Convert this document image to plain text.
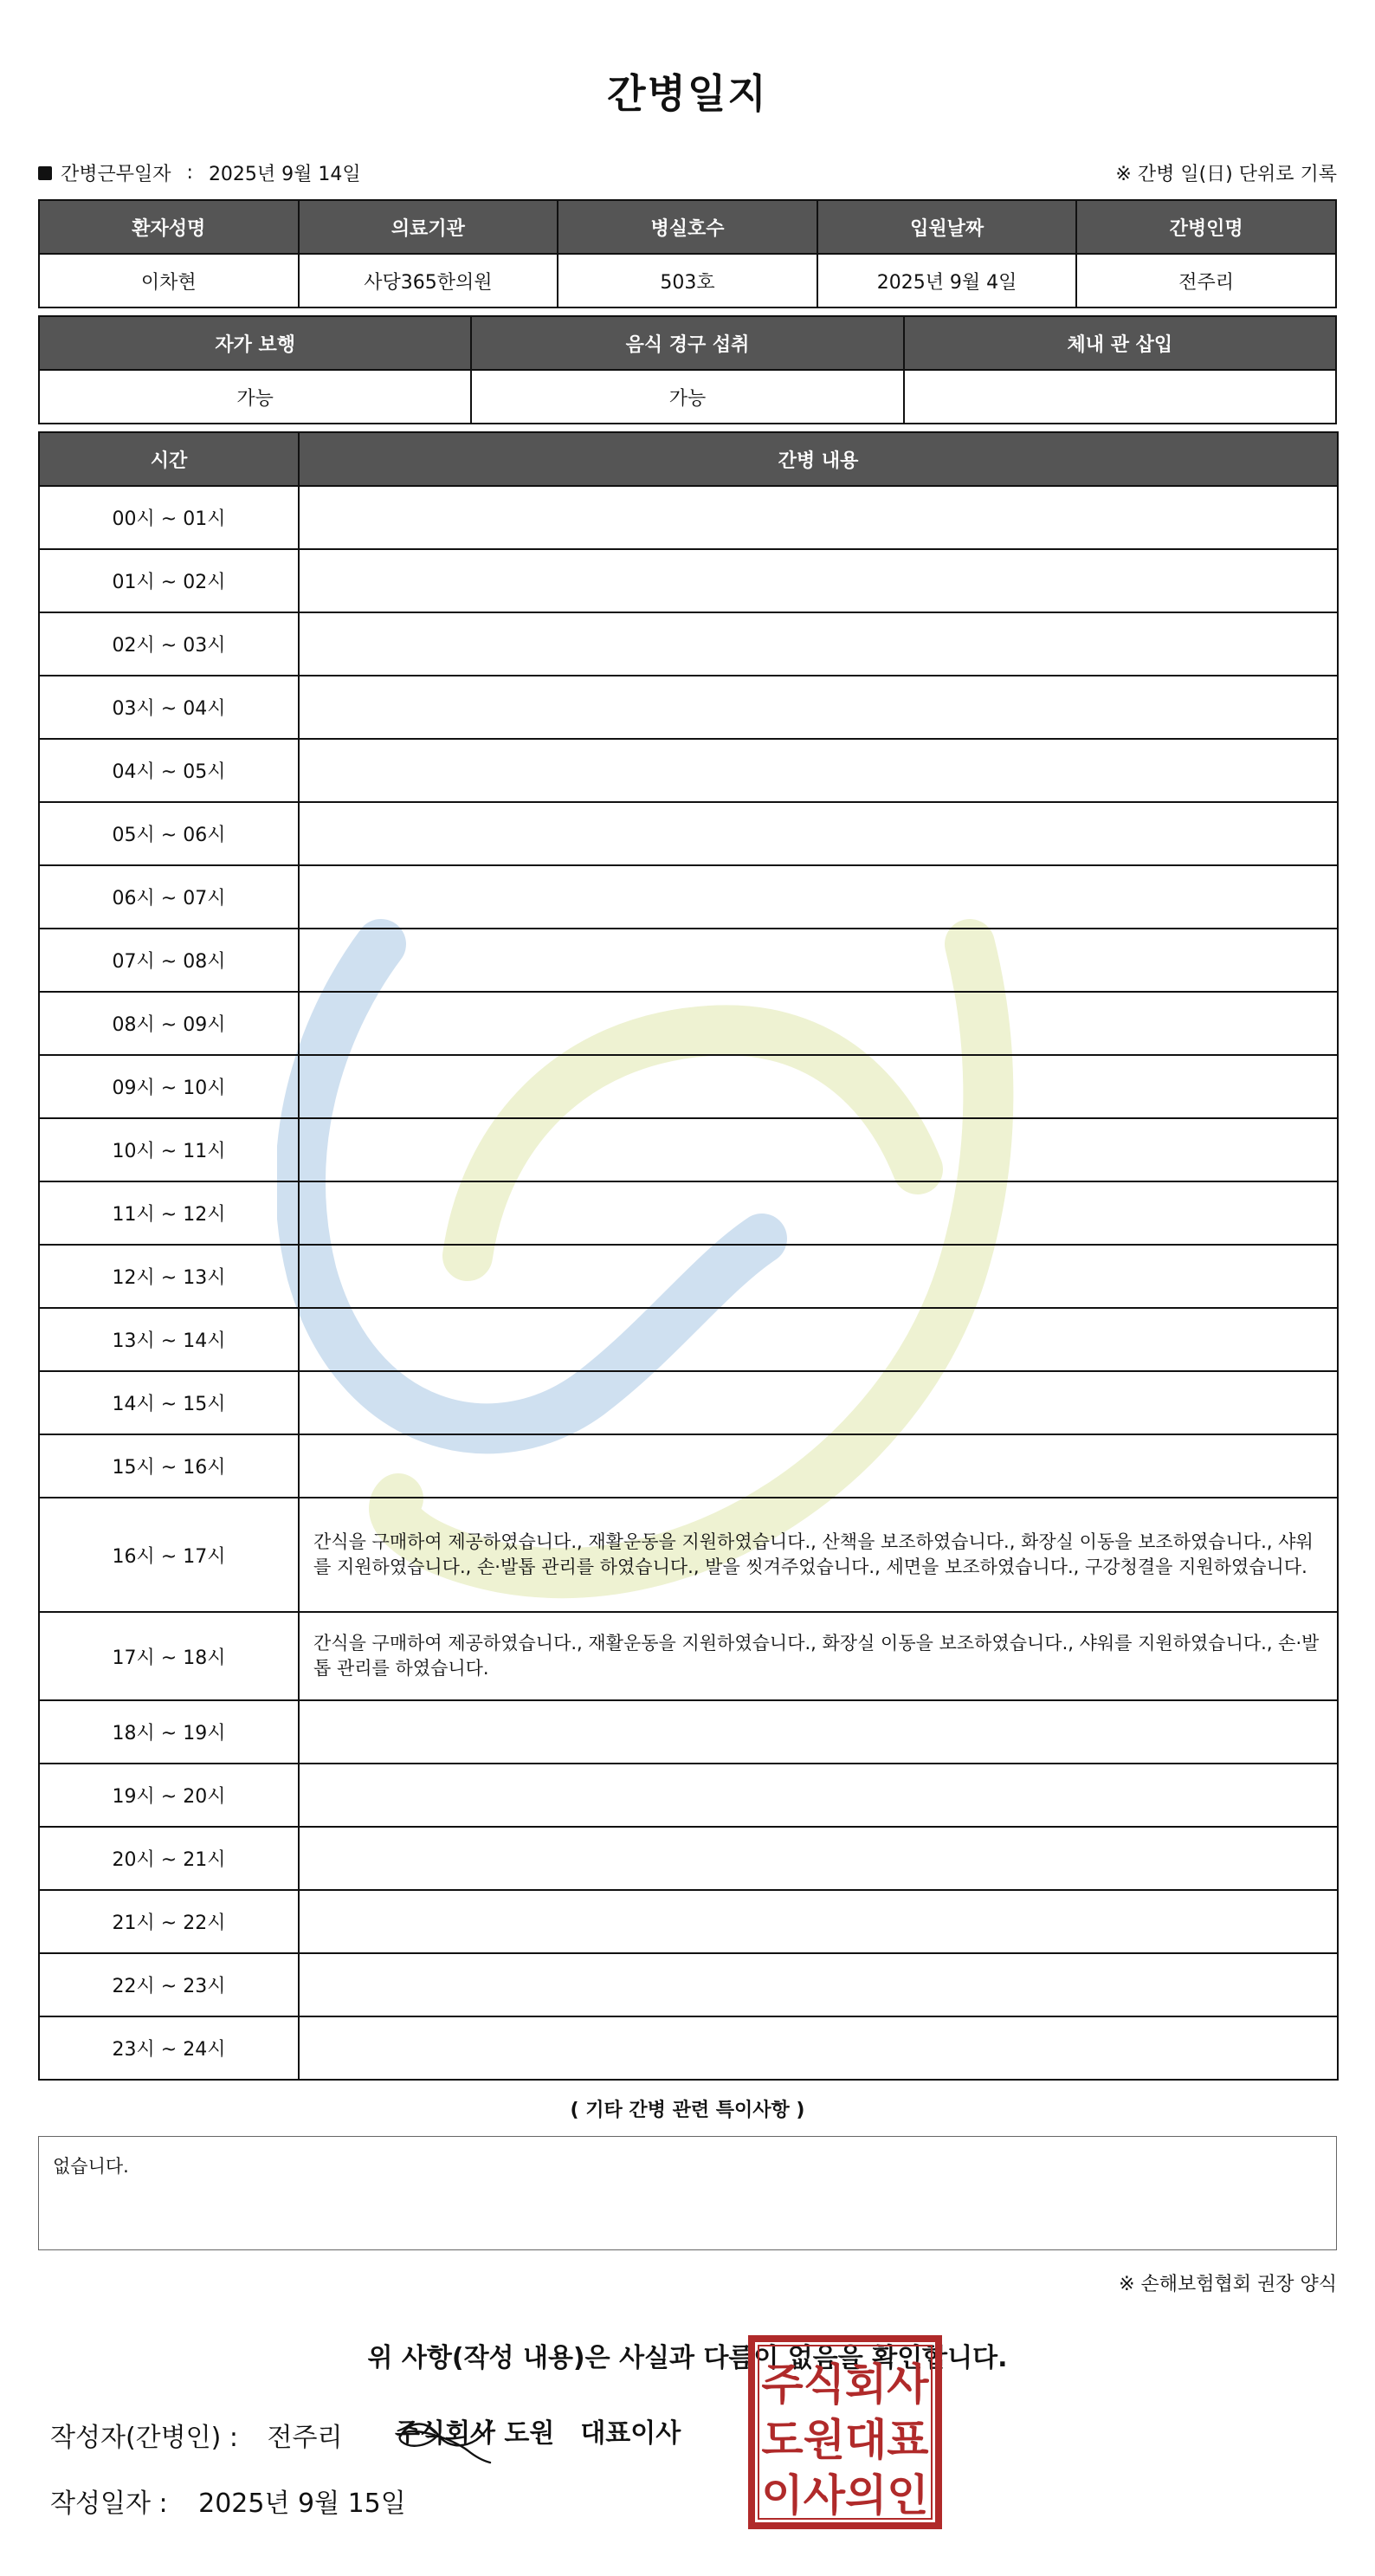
간병일지
간병근무일자 : 2025년 9월 14일	※ 간병 일(日) 단위로 기록
환자성명	의료기관	병실호수	입원날짜	간병인명
이차현	사당365한의원	503호	2025년 9월 4일	전주리
자가 보행	음식 경구 섭취	체내 관 삽입
가능	가능	
시간	간병 내용
00시 ~ 01시	
01시 ~ 02시	
02시 ~ 03시	
03시 ~ 04시	
04시 ~ 05시	
05시 ~ 06시	
06시 ~ 07시	
07시 ~ 08시	
08시 ~ 09시	
09시 ~ 10시	
10시 ~ 11시	
11시 ~ 12시	
12시 ~ 13시	
13시 ~ 14시	
14시 ~ 15시	
15시 ~ 16시	
16시 ~ 17시	간식을 구매하여 제공하였습니다., 재활운동을 지원하였습니다., 산책을 보조하였습니다., 화장실 이동을 보조하였습니다., 샤워를 지원하였습니다., 손·발톱 관리를 하였습니다., 발을 씻겨주었습니다., 세면을 보조하였습니다., 구강청결을 지원하였습니다.
17시 ~ 18시	간식을 구매하여 제공하였습니다., 재활운동을 지원하였습니다., 화장실 이동을 보조하였습니다., 샤워를 지원하였습니다., 손·발톱 관리를 하였습니다.
18시 ~ 19시	
19시 ~ 20시	
20시 ~ 21시	
21시 ~ 22시	
22시 ~ 23시	
23시 ~ 24시	
( 기타 간병 관련 특이사항 )
없습니다.
※ 손해보험협회 권장 양식
위 사항(작성 내용)은 사실과 다름이 없음을 확인합니다.
작성자(간병인) : 전주리
작성일자 : 2025년 9월 15일
주식회사 도원 대표이사
주식회사
도원대표
이사의인
